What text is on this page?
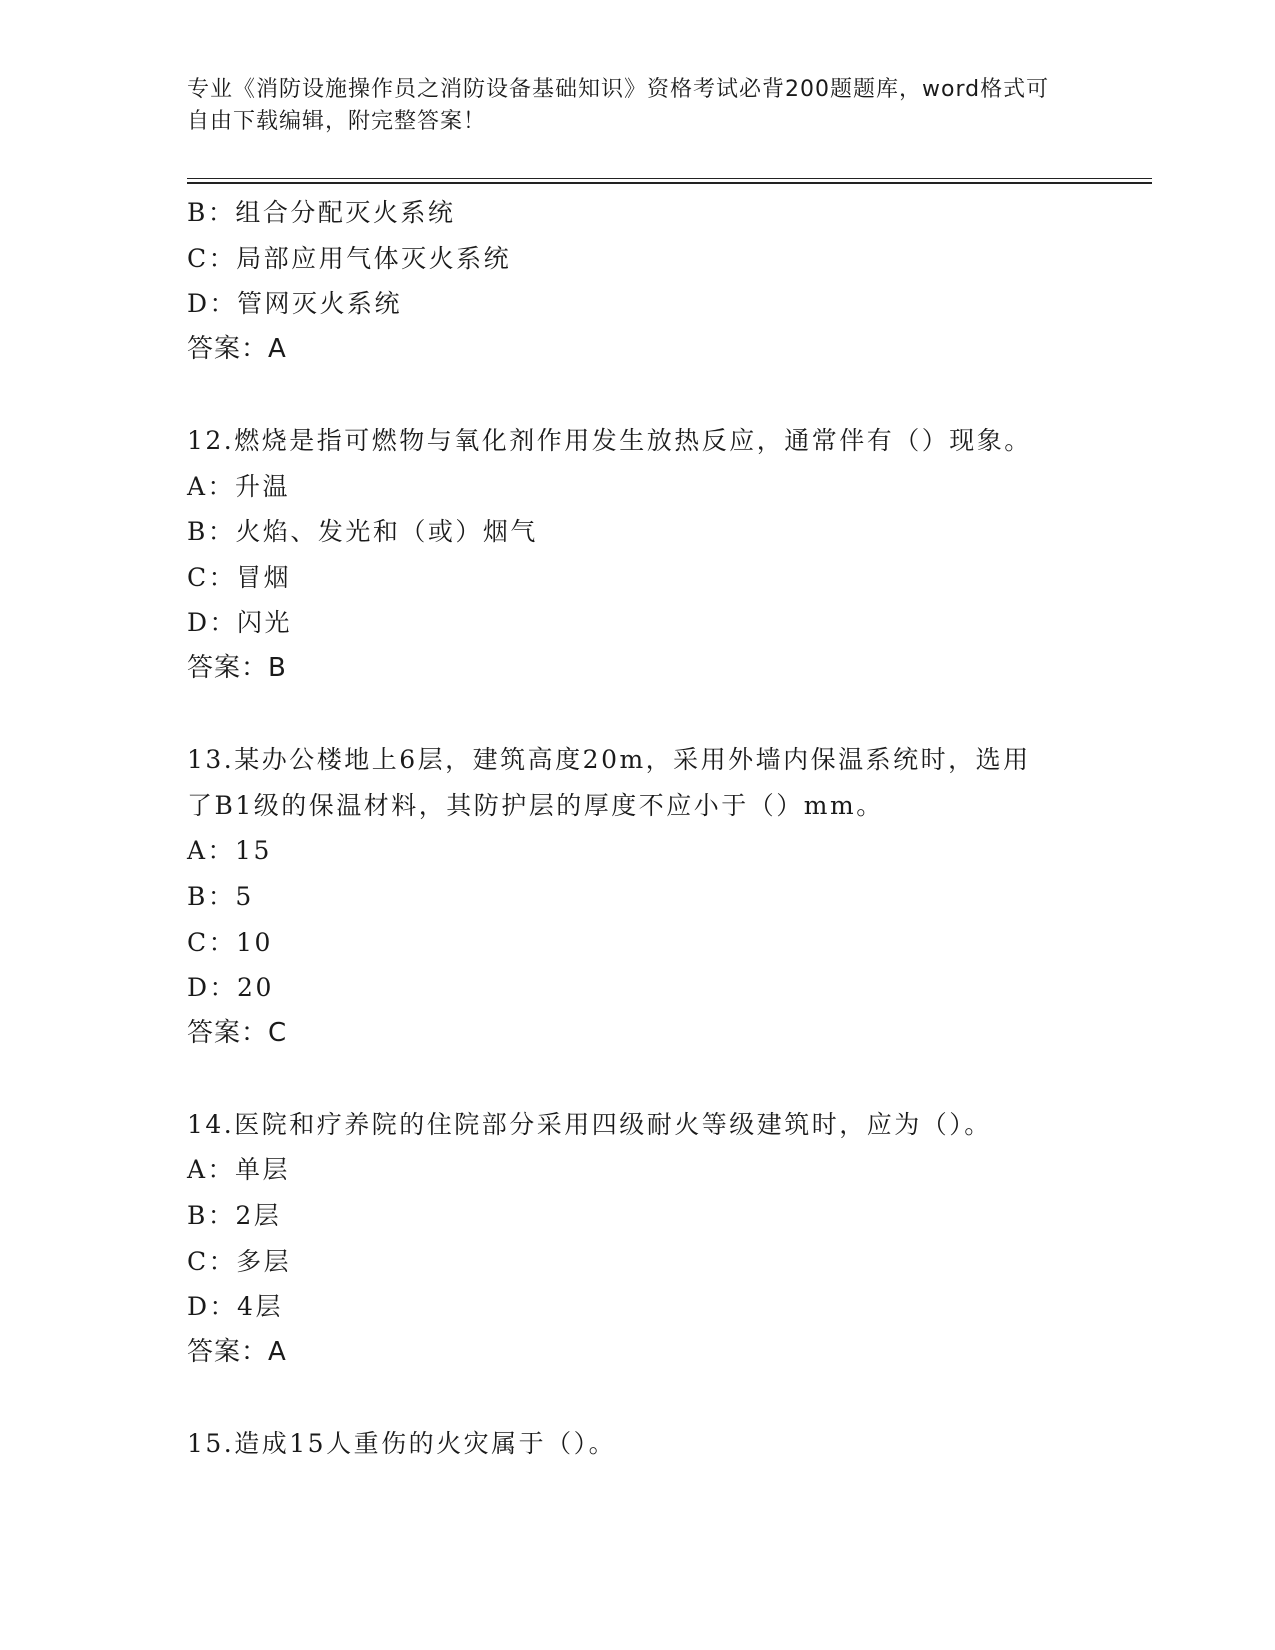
专业《消防设施操作员之消防设备基础知识》资格考试必背200题题库，word格式可自由下载编辑，附完整答案！
B：组合分配灭火系统
C：局部应用气体灭火系统
D：管网灭火系统
答案：A
12.燃烧是指可燃物与氧化剂作用发生放热反应，通常伴有（）现象。
A：升温
B：火焰、发光和（或）烟气
C：冒烟
D：闪光
答案：B
13.某办公楼地上6层，建筑高度20m，采用外墙内保温系统时，选用了B1级的保温材料，其防护层的厚度不应小于（）mm。
A：15
B：5
C：10
D：20
答案：C
14.医院和疗养院的住院部分采用四级耐火等级建筑时，应为（）。
A：单层
B：2层
C：多层
D：4层
答案：A
15.造成15人重伤的火灾属于（）。
